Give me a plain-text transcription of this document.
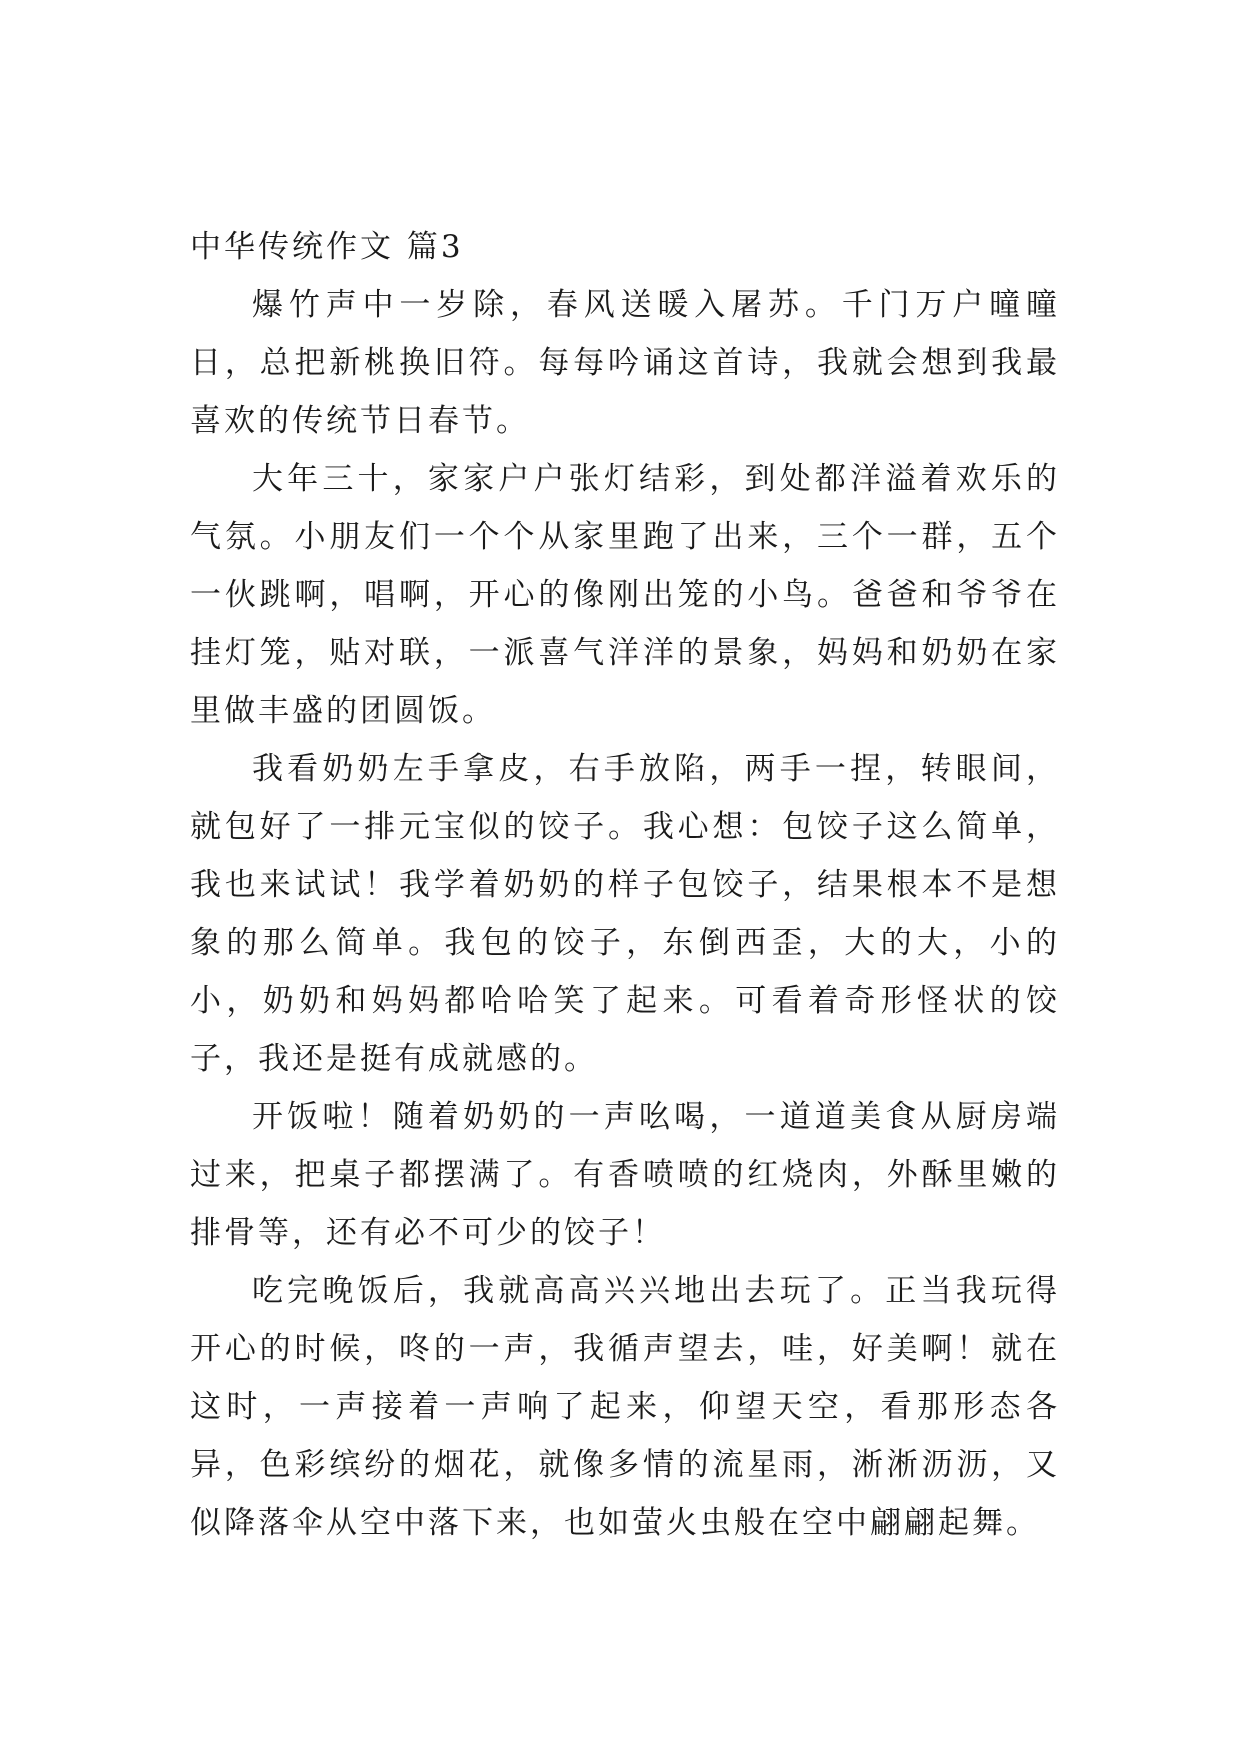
中华传统作文 篇3

爆竹声中一岁除，春风送暖入屠苏。千门万户曈曈日，总把新桃换旧符。每每吟诵这首诗，我就会想到我最喜欢的传统节日春节。

大年三十，家家户户张灯结彩，到处都洋溢着欢乐的气氛。小朋友们一个个从家里跑了出来，三个一群，五个一伙跳啊，唱啊，开心的像刚出笼的小鸟。爸爸和爷爷在挂灯笼，贴对联，一派喜气洋洋的景象，妈妈和奶奶在家里做丰盛的团圆饭。

我看奶奶左手拿皮，右手放陷，两手一捏，转眼间，就包好了一排元宝似的饺子。我心想：包饺子这么简单，我也来试试！我学着奶奶的样子包饺子，结果根本不是想象的那么简单。我包的饺子，东倒西歪，大的大，小的小，奶奶和妈妈都哈哈笑了起来。可看着奇形怪状的饺子，我还是挺有成就感的。

开饭啦！随着奶奶的一声吆喝，一道道美食从厨房端过来，把桌子都摆满了。有香喷喷的红烧肉，外酥里嫩的排骨等，还有必不可少的饺子！

吃完晚饭后，我就高高兴兴地出去玩了。正当我玩得开心的时候，咚的一声，我循声望去，哇，好美啊！就在这时，一声接着一声响了起来，仰望天空，看那形态各异，色彩缤纷的烟花，就像多情的流星雨，淅淅沥沥，又似降落伞从空中落下来，也如萤火虫般在空中翩翩起舞。
